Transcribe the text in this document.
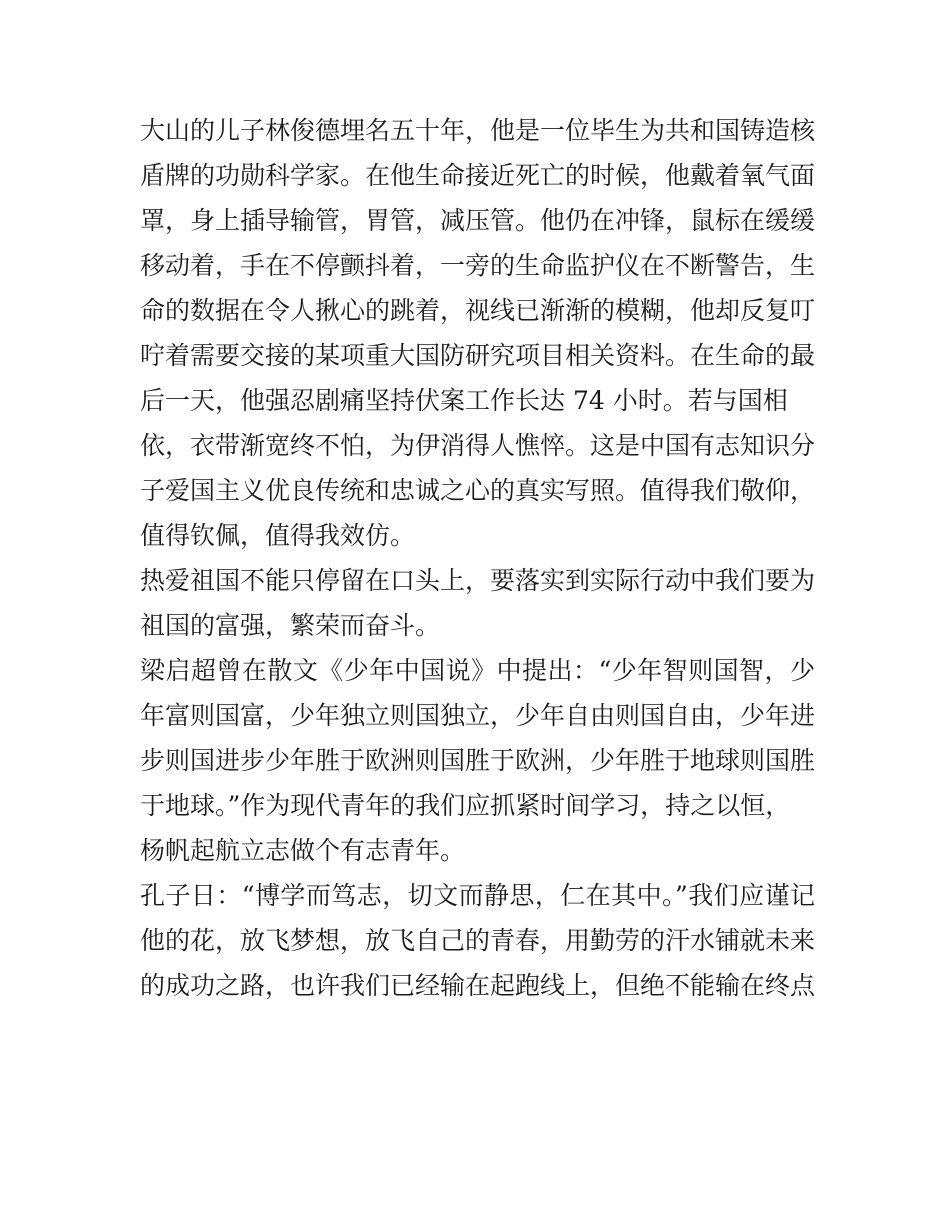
大山的儿子林俊德埋名五十年，他是一位毕生为共和国铸造核
盾牌的功勋科学家。在他生命接近死亡的时候，他戴着氧气面
罩，身上插导输管，胃管，减压管。他仍在冲锋，鼠标在缓缓
移动着，手在不停颤抖着，一旁的生命监护仪在不断警告，生
命的数据在令人揪心的跳着，视线已渐渐的模糊，他却反复叮
咛着需要交接的某项重大国防研究项目相关资料。在生命的最
后一天，他强忍剧痛坚持伏案工作长达 74 小时。若与国相
依，衣带渐宽终不怕，为伊消得人憔悴。这是中国有志知识分
子爱国主义优良传统和忠诚之心的真实写照。值得我们敬仰，
值得钦佩，值得我效仿。
热爱祖国不能只停留在口头上，要落实到实际行动中我们要为
祖国的富强，繁荣而奋斗。
梁启超曾在散文《少年中国说》中提出：“少年智则国智，少
年富则国富，少年独立则国独立，少年自由则国自由，少年进
步则国进步少年胜于欧洲则国胜于欧洲，少年胜于地球则国胜
于地球。”作为现代青年的我们应抓紧时间学习，持之以恒，
杨帆起航立志做个有志青年。
孔子日：“博学而笃志，切文而静思，仁在其中。”我们应谨记
他的花，放飞梦想，放飞自己的青春，用勤劳的汗水铺就未来
的成功之路，也许我们已经输在起跑线上，但绝不能输在终点
